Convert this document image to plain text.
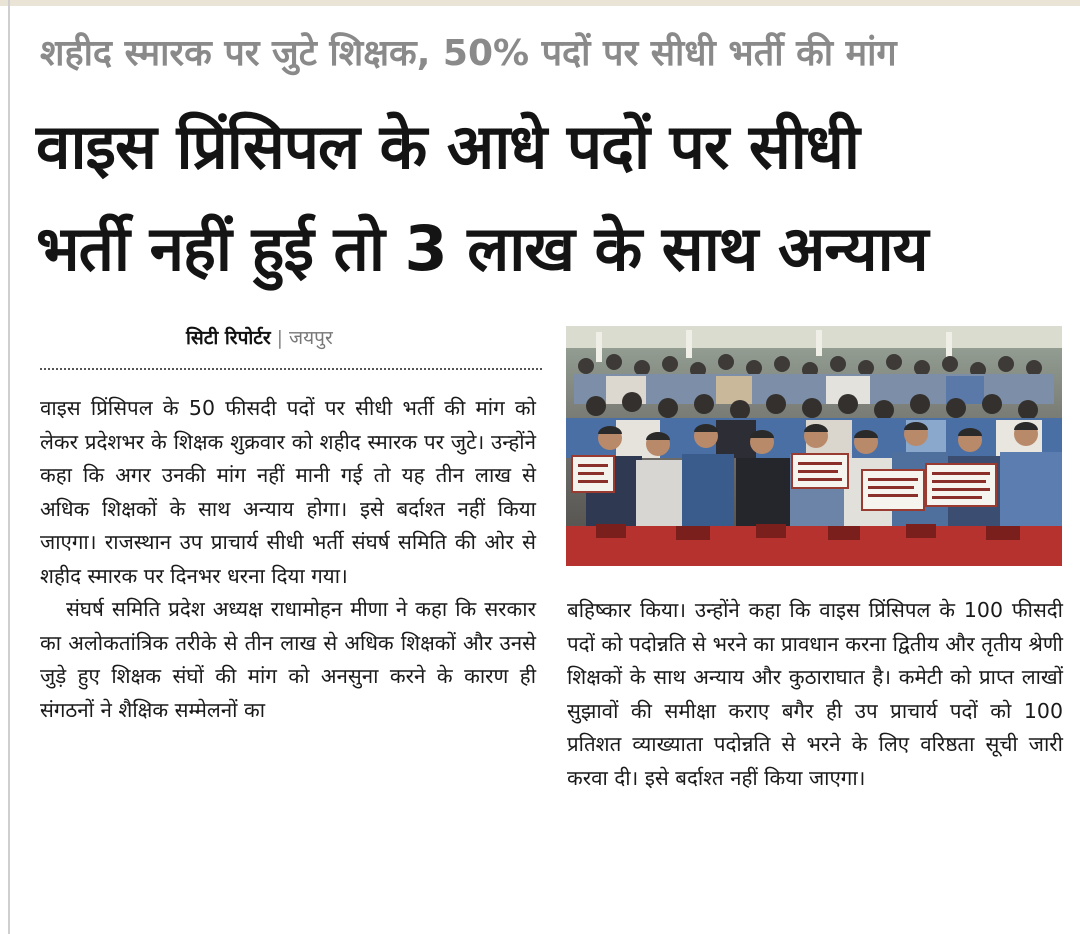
शहीद स्मारक पर जुटे शिक्षक, 50% पदों पर सीधी भर्ती की मांग
वाइस प्रिंसिपल के आधे पदों पर सीधी
भर्ती नहीं हुई तो 3 लाख के साथ अन्याय
सिटी रिपोर्टर | जयपुर

वाइस प्रिंसिपल के 50 फीसदी पदों पर सीधी भर्ती की मांग को लेकर प्रदेशभर के शिक्षक शुक्रवार को शहीद स्मारक पर जुटे। उन्होंने कहा कि अगर उनकी मांग नहीं मानी गई तो यह तीन लाख से अधिक शिक्षकों के साथ अन्याय होगा। इसे बर्दाश्त नहीं किया जाएगा। राजस्थान उप प्राचार्य सीधी भर्ती संघर्ष समिति की ओर से शहीद स्मारक पर दिनभर धरना दिया गया।

संघर्ष समिति प्रदेश अध्यक्ष राधामोहन मीणा ने कहा कि सरकार का अलोकतांत्रिक तरीके से तीन लाख से अधिक शिक्षकों और उनसे जुड़े हुए शिक्षक संघों की मांग को अनसुना करने के कारण ही संगठनों ने शैक्षिक सम्मेलनों का

बहिष्कार किया। उन्होंने कहा कि वाइस प्रिंसिपल के 100 फीसदी पदों को पदोन्नति से भरने का प्रावधान करना द्वितीय और तृतीय श्रेणी शिक्षकों के साथ अन्याय और कुठाराघात है। कमेटी को प्राप्त लाखों सुझावों की समीक्षा कराए बगैर ही उप प्राचार्य पदों को 100 प्रतिशत व्याख्याता पदोन्नति से भरने के लिए वरिष्ठता सूची जारी करवा दी। इसे बर्दाश्त नहीं किया जाएगा।
